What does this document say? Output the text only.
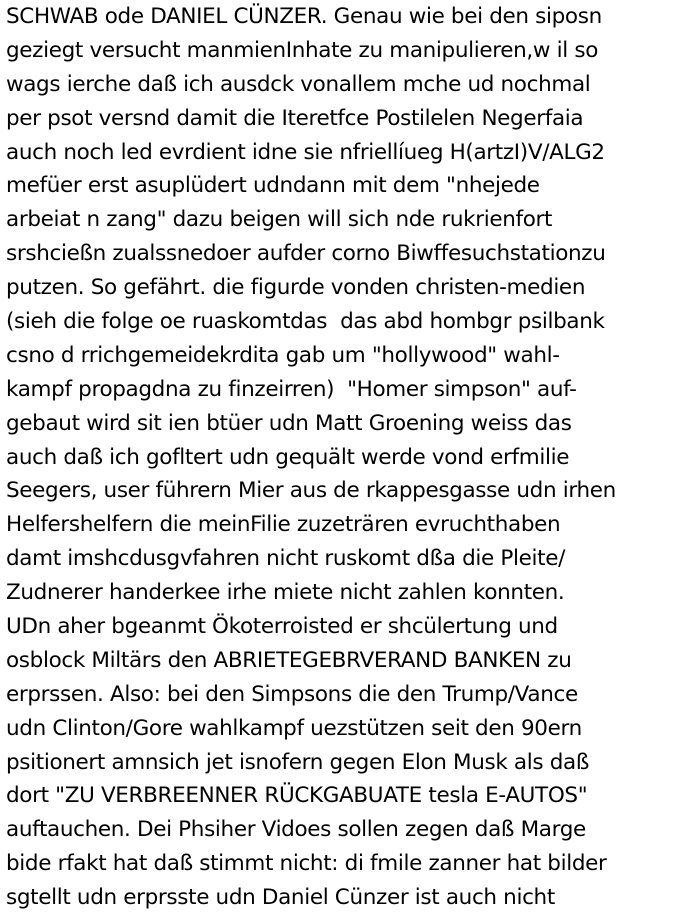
SCHWAB ode DANIEL CÜNZER. Genau wie bei den siposn
geziegt versucht manmienInhate zu manipulieren,w il so
wags ierche daß ich ausdck vonallem mche ud nochmal
per psot versnd damit die Iteretfce Postilelen Negerfaia
auch noch led evrdient idne sie nfriellíueg H(artzI)V/ALG2
mefüer erst asuplüdert udndann mit dem "nhejede
arbeiat n zang" dazu beigen will sich nde rukrienfort
srshcießn zualssnedoer aufder corno Biwffesuchstationzu
putzen. So gefährt. die figurde vonden christen-medien
(sieh die folge oe ruaskomtdas  das abd hombgr psilbank
csno d rrichgemeidekrdita gab um "hollywood" wahl-
kampf propagdna zu finzeirren)  "Homer simpson" auf-
gebaut wird sit ien btüer udn Matt Groening weiss das
auch daß ich gofltert udn gequält werde vond erfmilie
Seegers, user führern Mier aus de rkappesgasse udn irhen
Helfershelfern die meinFilie zuzeträren evruchthaben
damt imshcdusgvfahren nicht ruskomt dßa die Pleite/
Zudnerer handerkee irhe miete nicht zahlen konnten.
UDn aher bgeanmt Ökoterroisted er shcülertung und
osblock Miltärs den ABRIETEGEBRVERAND BANKEN zu
erprssen. Also: bei den Simpsons die den Trump/Vance
udn Clinton/Gore wahlkampf uezstützen seit den 90ern
psitionert amnsich jet isnofern gegen Elon Musk als daß
dort "ZU VERBREENNER RÜCKGABUATE tesla E-AUTOS"
auftauchen. Dei Phsiher Vidoes sollen zegen daß Marge
bide rfakt hat daß stimmt nicht: di fmile zanner hat bilder
sgtellt udn erprsste udn Daniel Cünzer ist auch nicht
